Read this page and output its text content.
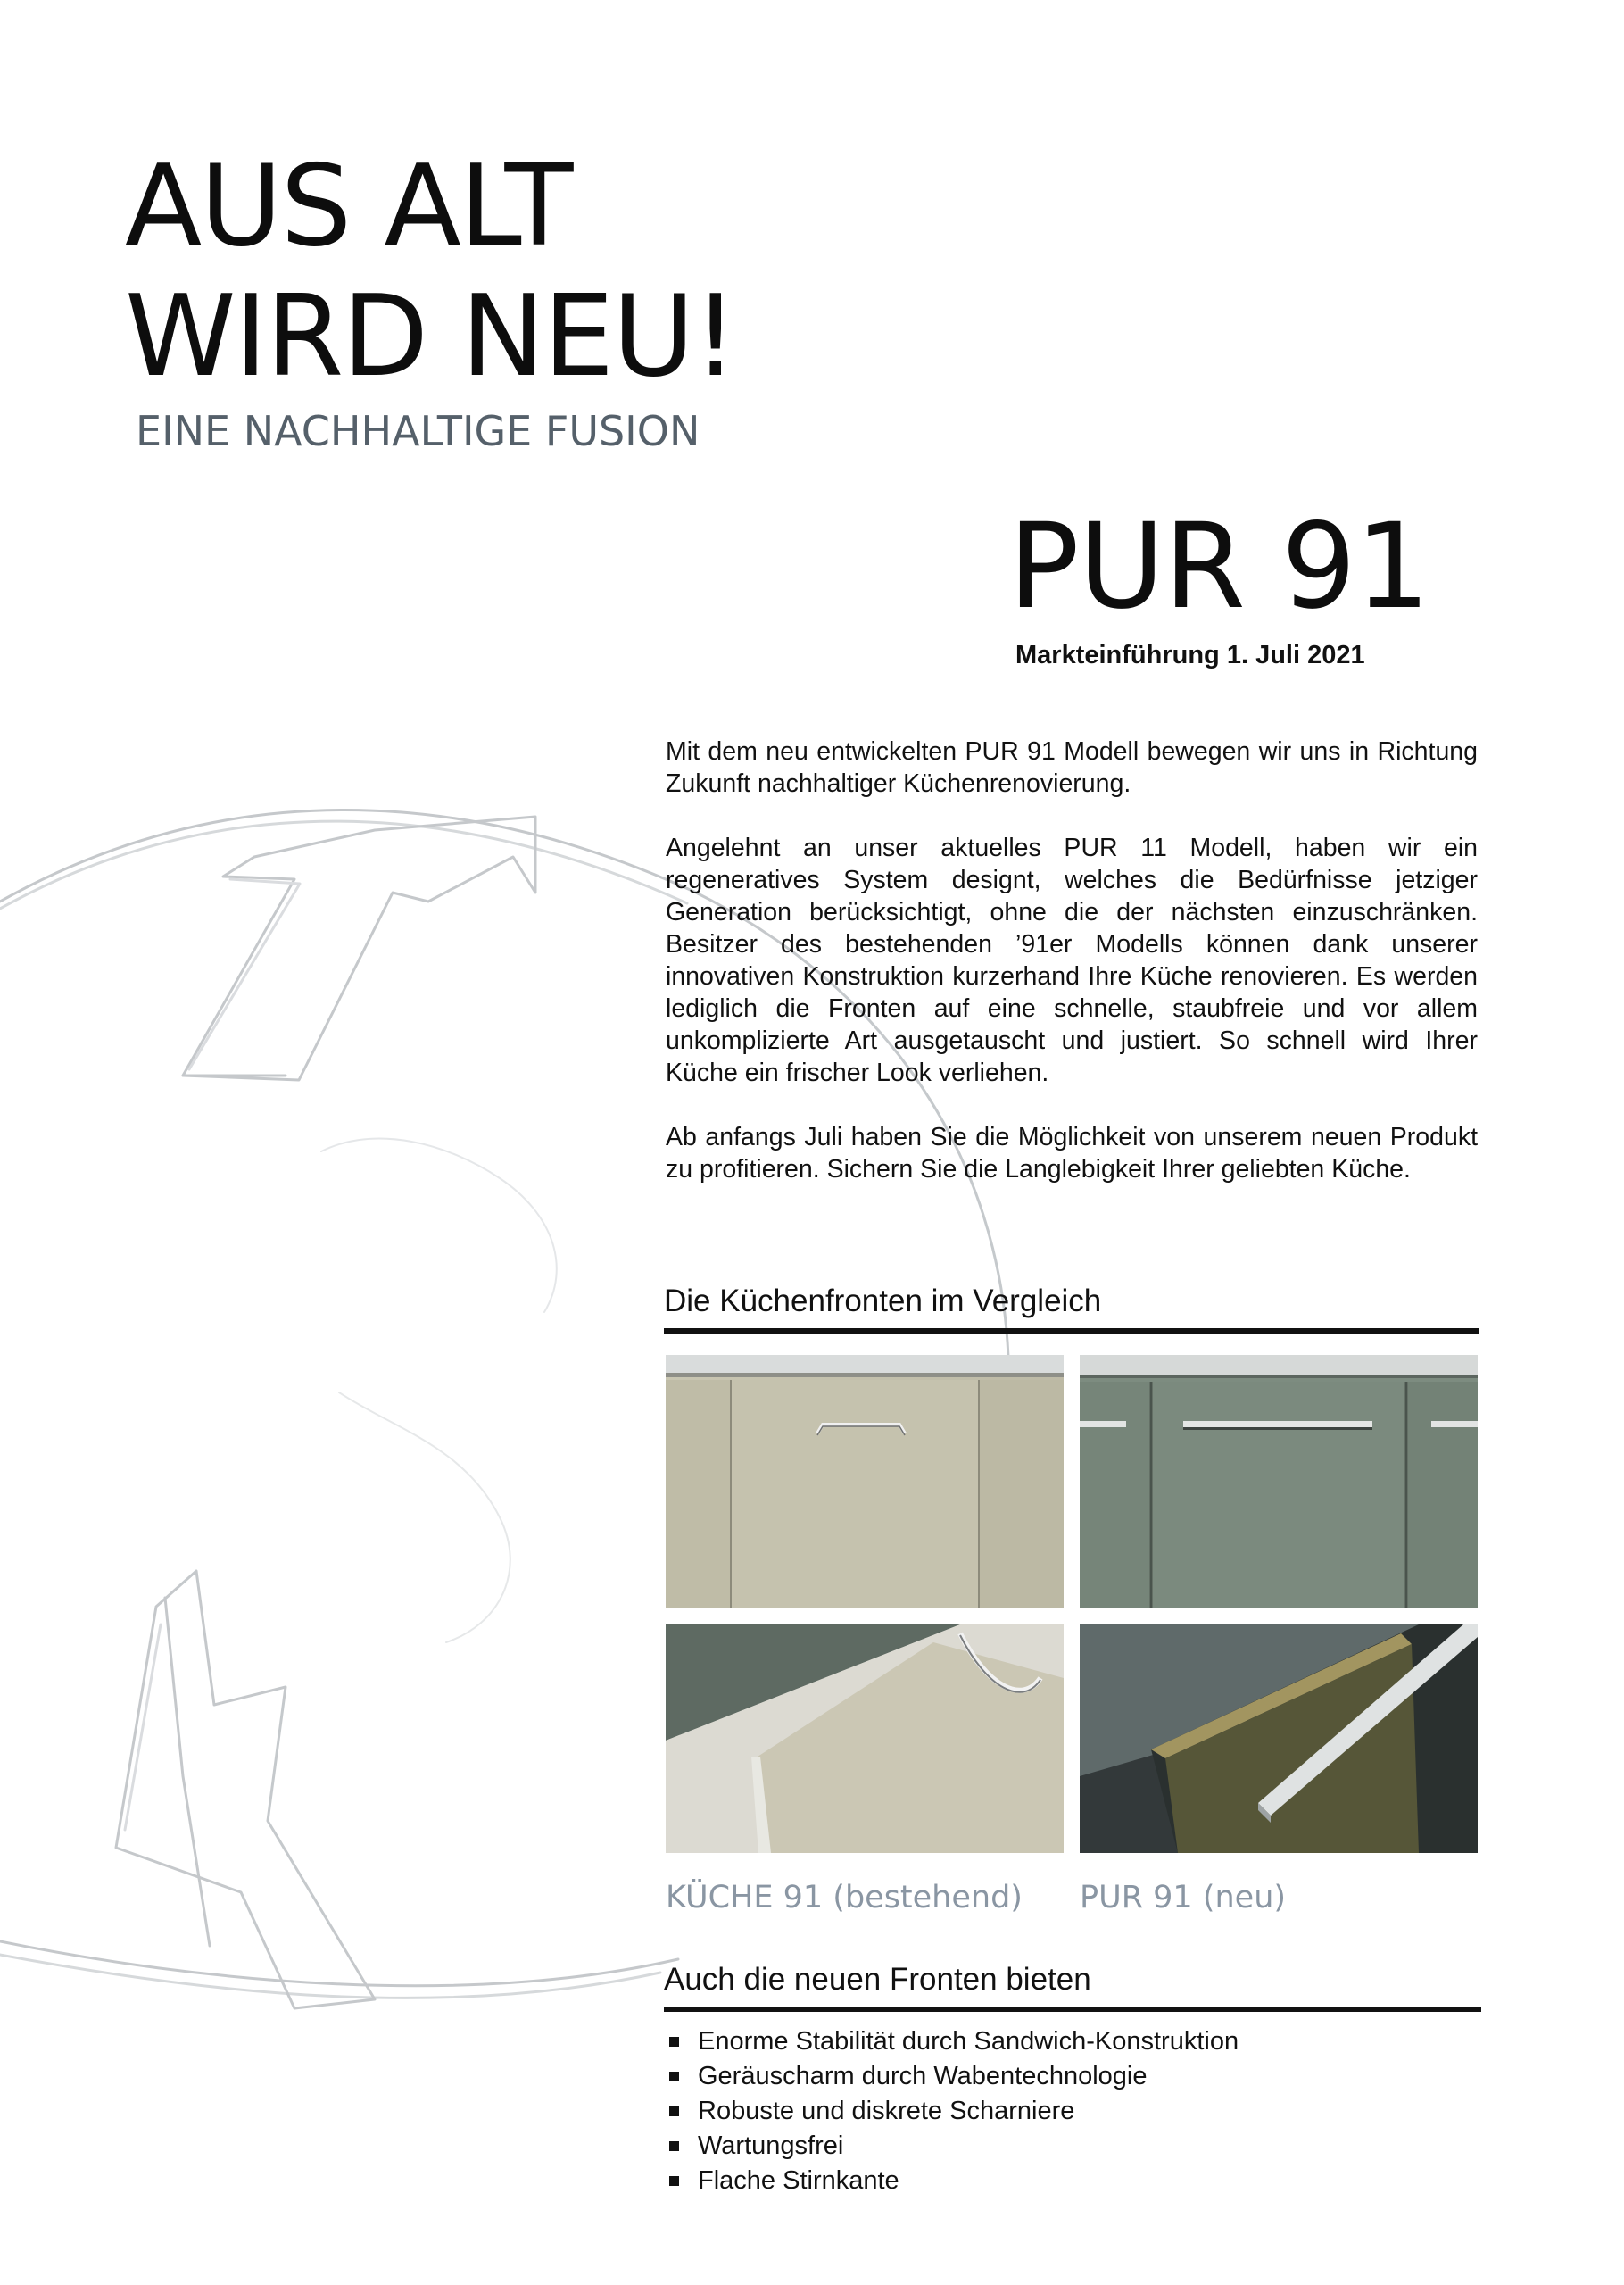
AUS ALT
WIRD NEU!
EINE NACHHALTIGE FUSION
PUR 91
Markteinführung 1. Juli 2021

Mit dem neu entwickelten PUR 91 Modell bewegen wir uns in Richtung Zukunft nachhaltiger Küchenrenovierung.

Angelehnt an unser aktuelles PUR 11 Modell, haben wir ein regeneratives System designt, welches die Bedürfnisse jetziger Generation berücksichtigt, ohne die der nächsten einzuschränken. Besitzer des bestehenden ’91er Modells können dank unserer innovativen Konstruktion kurzerhand Ihre Küche renovieren. Es werden lediglich die Fronten auf eine schnelle, staubfreie und vor allem unkomplizierte Art ausgetauscht und justiert. So schnell wird Ihrer Küche ein frischer Look verliehen.

Ab anfangs Juli haben Sie die Möglichkeit von unserem neuen Produkt zu profitieren. Sichern Sie die Langlebigkeit Ihrer geliebten Küche.

Die Küchenfronten im Vergleich
KÜCHE 91 (bestehend) PUR 91 (neu)
Auch die neuen Fronten bieten
Enorme Stabilität durch Sandwich-Konstruktion
Geräuscharm durch Wabentechnologie
Robuste und diskrete Scharniere
Wartungsfrei
Flache Stirnkante
